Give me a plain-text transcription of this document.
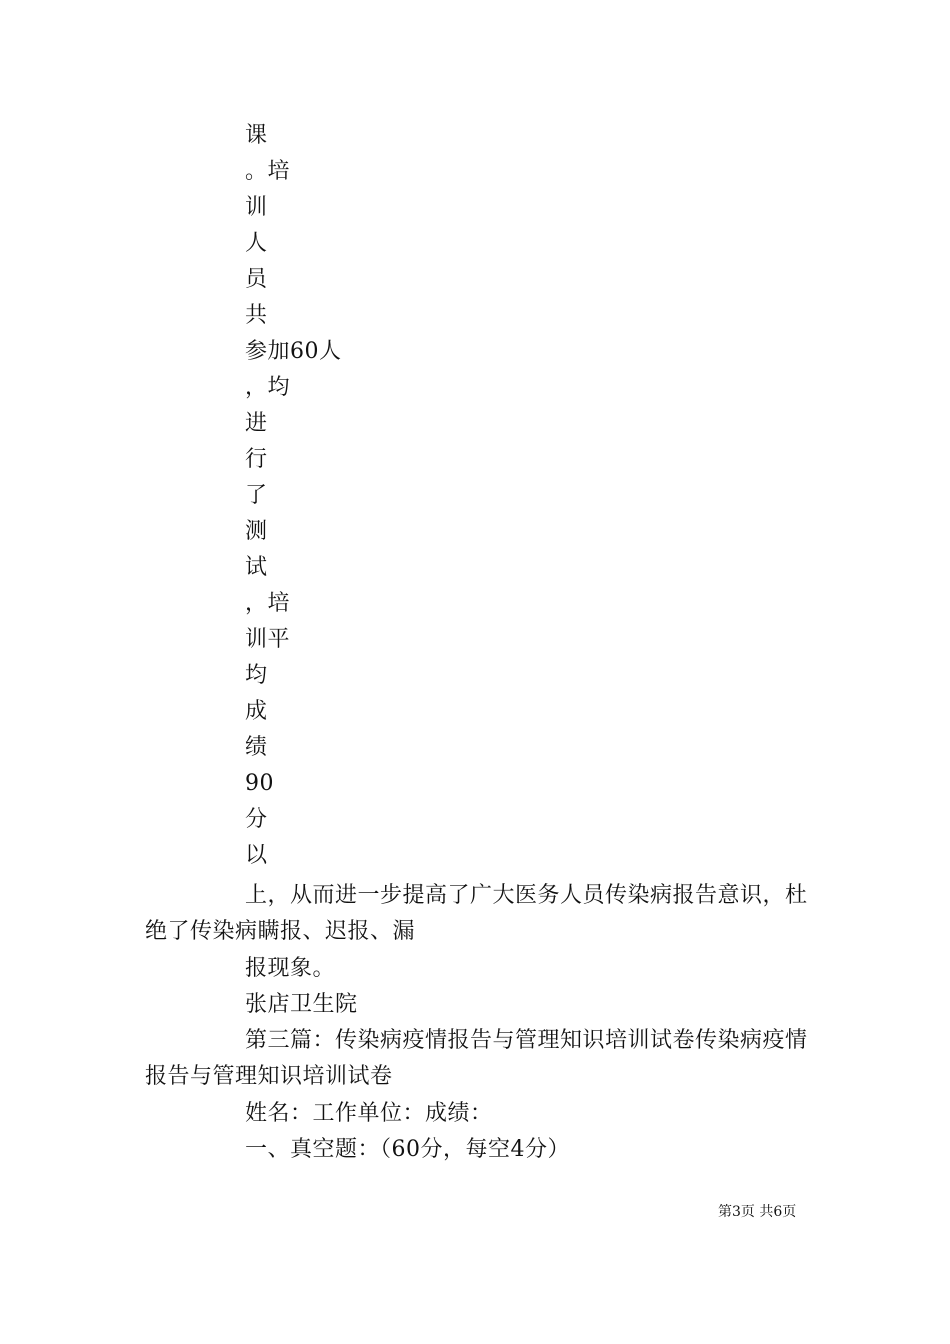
课
。培
训
人
员
共
参加60人
，均
进
行
了
测
试
，培
训平
均
成
绩
90
分
以
上，从而进一步提高了广大医务人员传染病报告意识，杜
绝了传染病瞒报、迟报、漏
报现象。
张店卫生院
第三篇：传染病疫情报告与管理知识培训试卷传染病疫情
报告与管理知识培训试卷
姓名：工作单位：成绩：
一、真空题：（60分，每空4分）
第3页 共6页
